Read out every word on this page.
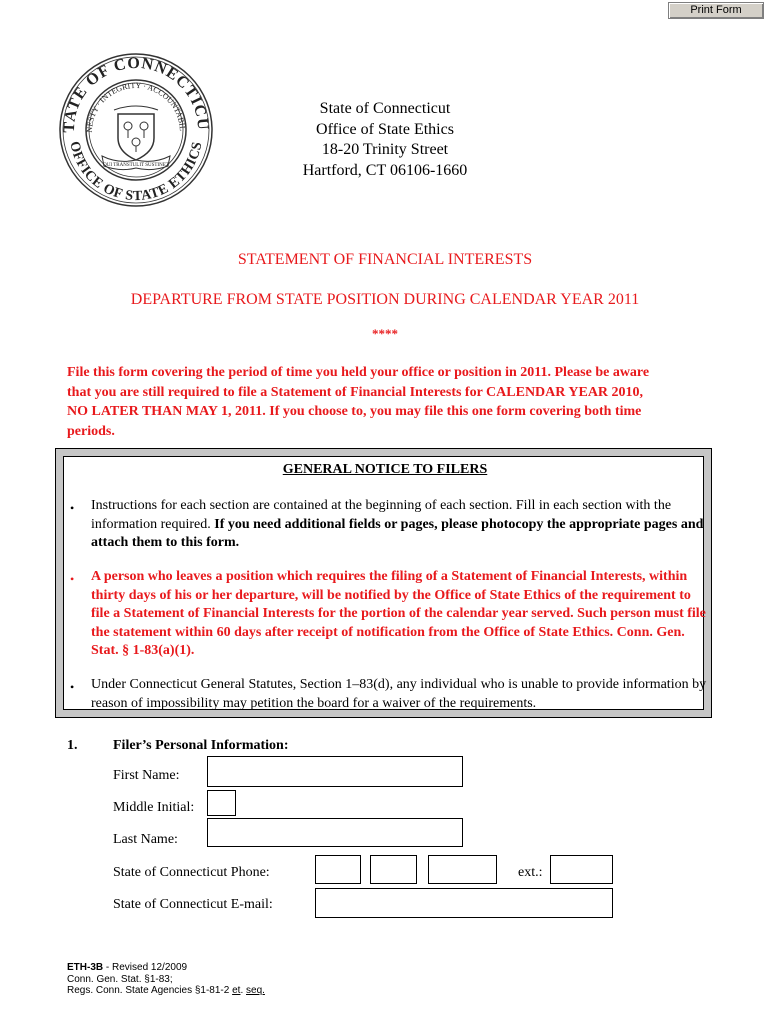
Print Form
TATE OF CONNECTICU
OFFICE OF STATE ETHICS
NESTY · INTEGRITY · ACCOUNTABIL
QUI TRANSTULIT SUSTINET
State of Connecticut
Office of State Ethics
18-20 Trinity Street
Hartford, CT 06106-1660
STATEMENT OF FINANCIAL INTERESTS
DEPARTURE FROM STATE POSITION DURING CALENDAR YEAR 2011
****
File this form covering the period of time you held your office or position in 2011. Please be aware
that you are still required to file a Statement of Financial Interests for CALENDAR YEAR 2010,
NO LATER THAN MAY 1, 2011. If you choose to, you may file this one form covering both time
periods.
GENERAL NOTICE TO FILERS
• Instructions for each section are contained at the beginning of each section. Fill in each section with the information required. If you need additional fields or pages, please photocopy the appropriate pages and attach them to this form.
• A person who leaves a position which requires the filing of a Statement of Financial Interests, within thirty days of his or her departure, will be notified by the Office of State Ethics of the requirement to file a Statement of Financial Interests for the portion of the calendar year served. Such person must file the statement within 60 days after receipt of notification from the Office of State Ethics. Conn. Gen. Stat. § 1-83(a)(1).
• Under Connecticut General Statutes, Section 1–83(d), any individual who is unable to provide information by reason of impossibility may petition the board for a waiver of the requirements.
1.	Filer’s Personal Information:
First Name:
Middle Initial:
Last Name:
State of Connecticut Phone:	ext.:
State of Connecticut E-mail:
ETH-3B - Revised 12/2009
Conn. Gen. Stat. §1-83;
Regs. Conn. State Agencies §1-81-2 et. seq.
